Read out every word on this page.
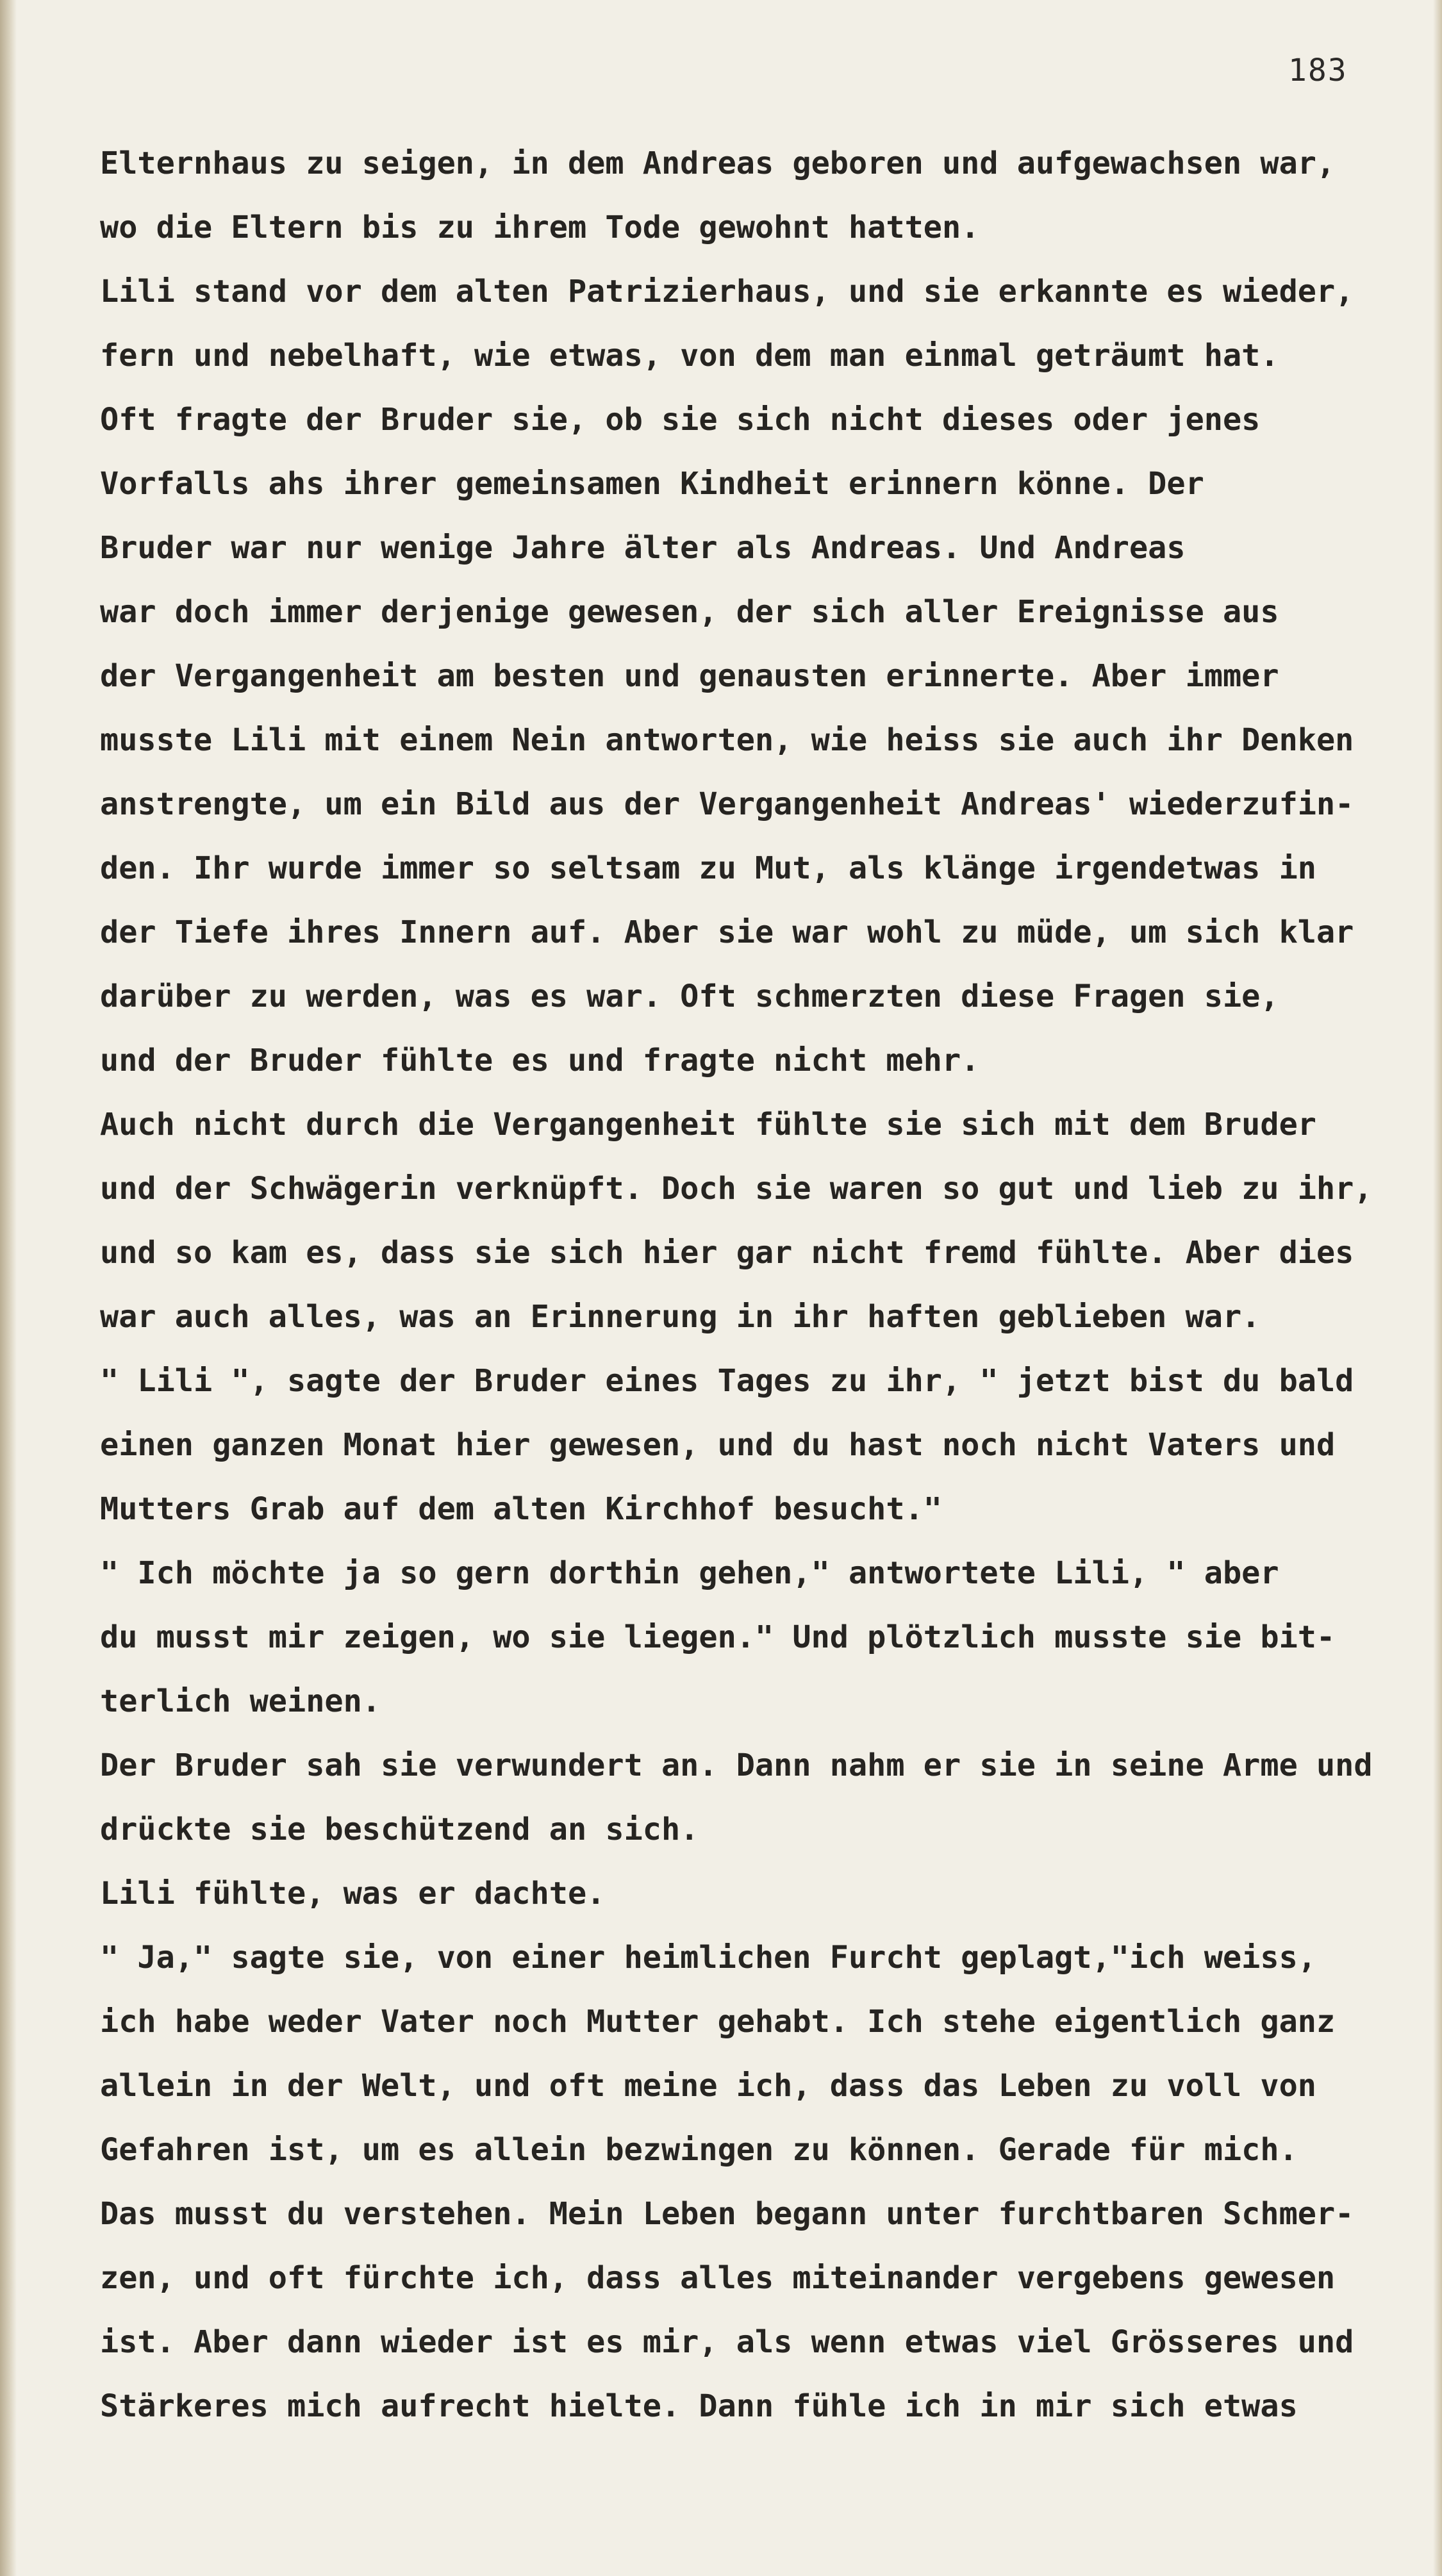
183
Elternhaus zu seigen, in dem Andreas geboren und aufgewachsen war,
wo die Eltern bis zu ihrem Tode gewohnt hatten.
Lili stand vor dem alten Patrizierhaus, und sie erkannte es wieder,
fern und nebelhaft, wie etwas, von dem man einmal geträumt hat.
Oft fragte der Bruder sie, ob sie sich nicht dieses oder jenes
Vorfalls ahs ihrer gemeinsamen Kindheit erinnern könne. Der
Bruder war nur wenige Jahre älter als Andreas. Und Andreas
war doch immer derjenige gewesen, der sich aller Ereignisse aus
der Vergangenheit am besten und genausten erinnerte. Aber immer
musste Lili mit einem Nein antworten, wie heiss sie auch ihr Denken
anstrengte, um ein Bild aus der Vergangenheit Andreas' wiederzufin-
den. Ihr wurde immer so seltsam zu Mut, als klänge irgendetwas in
der Tiefe ihres Innern auf. Aber sie war wohl zu müde, um sich klar
darüber zu werden, was es war. Oft schmerzten diese Fragen sie,
und der Bruder fühlte es und fragte nicht mehr.
Auch nicht durch die Vergangenheit fühlte sie sich mit dem Bruder
und der Schwägerin verknüpft. Doch sie waren so gut und lieb zu ihr,
und so kam es, dass sie sich hier gar nicht fremd fühlte. Aber dies
war auch alles, was an Erinnerung in ihr haften geblieben war.
" Lili ", sagte der Bruder eines Tages zu ihr, " jetzt bist du bald
einen ganzen Monat hier gewesen, und du hast noch nicht Vaters und
Mutters Grab auf dem alten Kirchhof besucht."
" Ich möchte ja so gern dorthin gehen," antwortete Lili, " aber
du musst mir zeigen, wo sie liegen." Und plötzlich musste sie bit-
terlich weinen.
Der Bruder sah sie verwundert an. Dann nahm er sie in seine Arme und
drückte sie beschützend an sich.
Lili fühlte, was er dachte.
" Ja," sagte sie, von einer heimlichen Furcht geplagt,"ich weiss,
ich habe weder Vater noch Mutter gehabt. Ich stehe eigentlich ganz
allein in der Welt, und oft meine ich, dass das Leben zu voll von
Gefahren ist, um es allein bezwingen zu können. Gerade für mich.
Das musst du verstehen. Mein Leben begann unter furchtbaren Schmer-
zen, und oft fürchte ich, dass alles miteinander vergebens gewesen
ist. Aber dann wieder ist es mir, als wenn etwas viel Grösseres und
Stärkeres mich aufrecht hielte. Dann fühle ich in mir sich etwas
